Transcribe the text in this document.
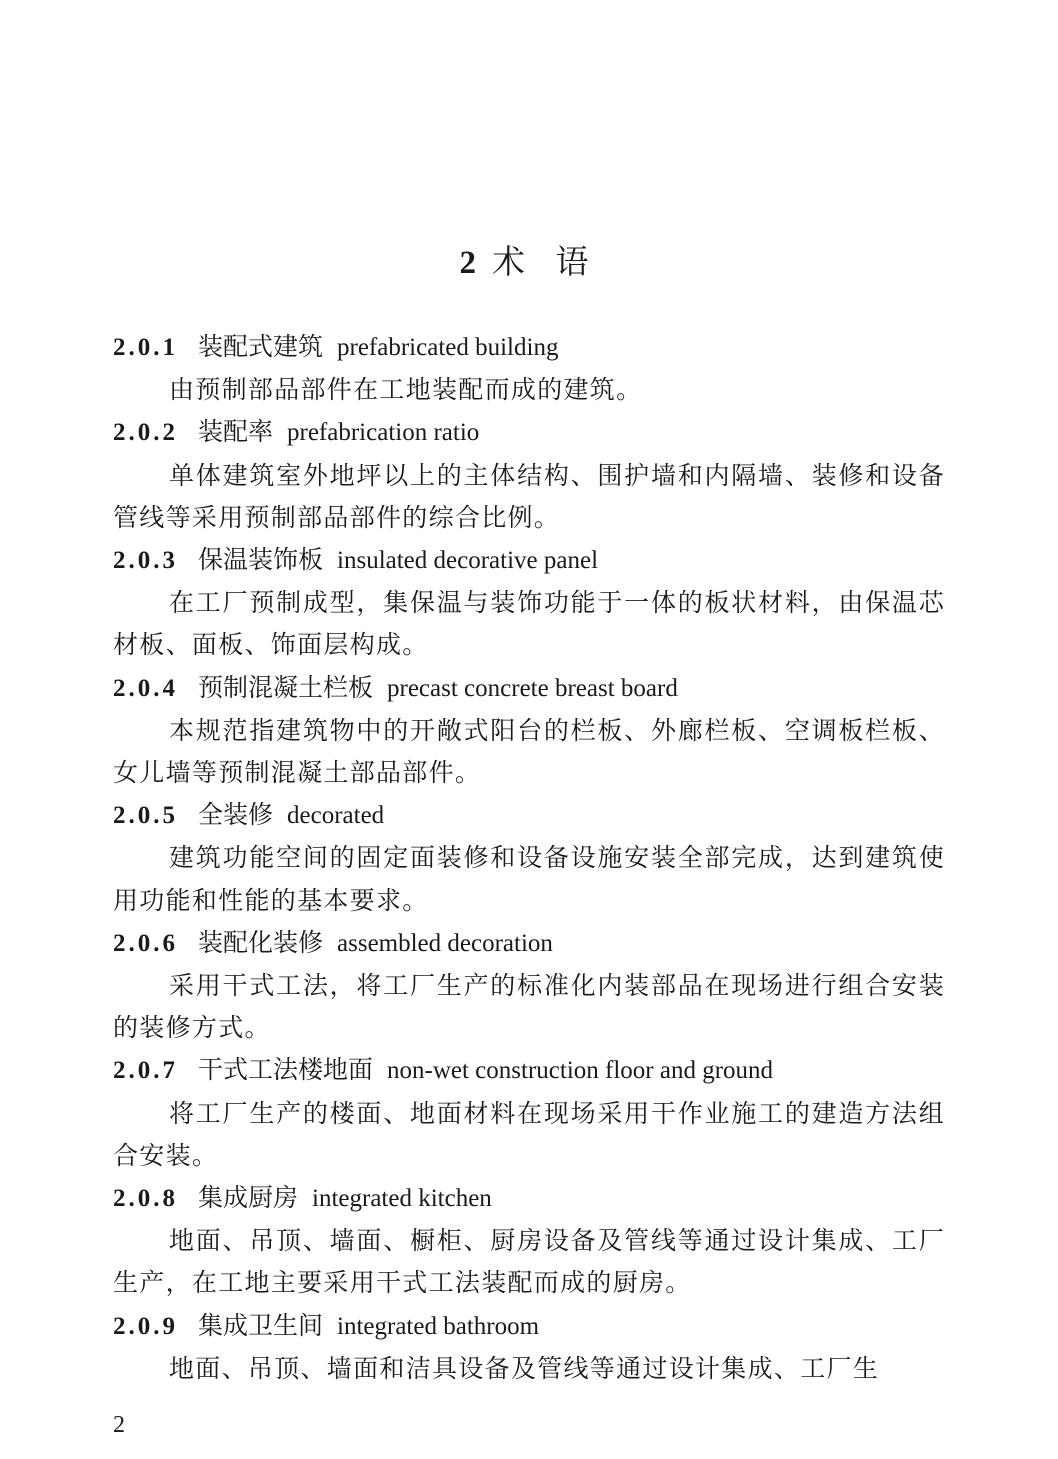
2 术 语

2.0.1 装配式建筑 prefabricated building

由预制部品部件在工地装配而成的建筑。

2.0.2 装配率 prefabrication ratio

单体建筑室外地坪以上的主体结构、围护墙和内隔墙、装修和设备管线等采用预制部品部件的综合比例。

2.0.3 保温装饰板 insulated decorative panel

在工厂预制成型，集保温与装饰功能于一体的板状材料，由保温芯材板、面板、饰面层构成。

2.0.4 预制混凝土栏板 precast concrete breast board

本规范指建筑物中的开敞式阳台的栏板、外廊栏板、空调板栏板、女儿墙等预制混凝土部品部件。

2.0.5 全装修 decorated

建筑功能空间的固定面装修和设备设施安装全部完成，达到建筑使用功能和性能的基本要求。

2.0.6 装配化装修 assembled decoration

采用干式工法，将工厂生产的标准化内装部品在现场进行组合安装的装修方式。

2.0.7 干式工法楼地面 non-wet construction floor and ground

将工厂生产的楼面、地面材料在现场采用干作业施工的建造方法组合安装。

2.0.8 集成厨房 integrated kitchen

地面、吊顶、墙面、橱柜、厨房设备及管线等通过设计集成、工厂生产，在工地主要采用干式工法装配而成的厨房。

2.0.9 集成卫生间 integrated bathroom

地面、吊顶、墙面和洁具设备及管线等通过设计集成、工厂生

2
